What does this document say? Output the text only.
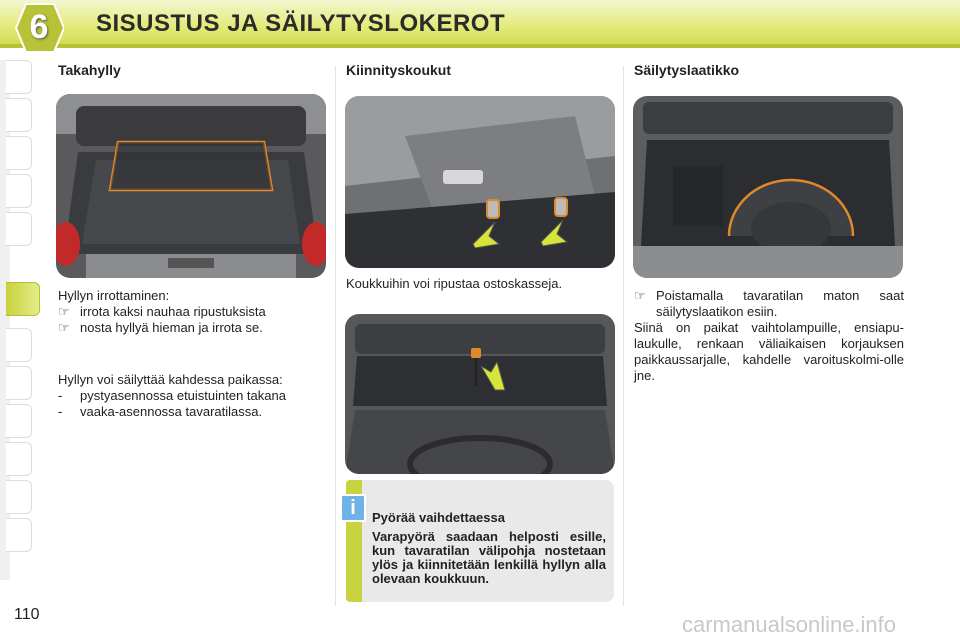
6	SISUSTUS JA SÄILYTYSLOKEROT
Takahylly
Hyllyn irrottaminen:
☞ irrota kaksi nauhaa ripustuksista
☞ nosta hyllyä hieman ja irrota se.
Hyllyn voi säilyttää kahdessa paikassa:
-	pystyasennossa etuistuinten takana
-	vaaka-asennossa tavaratilassa.
Kiinnityskoukut
Koukkuihin voi ripustaa ostoskasseja.
i	Pyörää vaihdettaessa
Varapyörä saadaan helposti esille, kun tavaratilan välipohja nostetaan ylös ja kiinnitetään lenkillä hyllyn alla olevaan koukkuun.
Säilytyslaatikko
☞ Poistamalla tavaratilan maton saat säilytyslaatikon esiin.
Siinä on paikat vaihtolampuille, ensiapu-laukulle, renkaan väliaikaisen korjauksen paikkaussarjalle, kahdelle varoituskolmi-olle jne.
110	carmanualsonline.info
